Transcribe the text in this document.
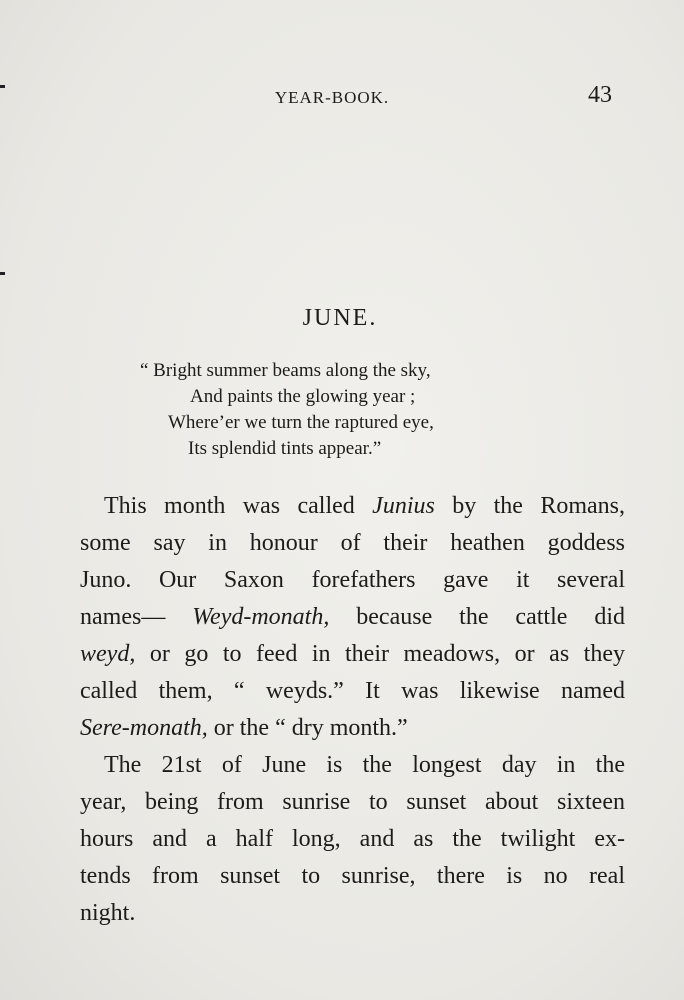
YEAR-BOOK.	43
JUNE.
“ Bright summer beams along the sky,
And paints the glowing year ;
Where’er we turn the raptured eye,
Its splendid tints appear.”
This month was called Junius by the Romans,
some say in honour of their heathen goddess
Juno. Our Saxon forefathers gave it several
names— Weyd-monath, because the cattle did
weyd, or go to feed in their meadows, or as they
called them, “ weyds.” It was likewise named
Sere-monath, or the “ dry month.”
The 21st of June is the longest day in the
year, being from sunrise to sunset about sixteen
hours and a half long, and as the twilight ex-
tends from sunset to sunrise, there is no real
night.
